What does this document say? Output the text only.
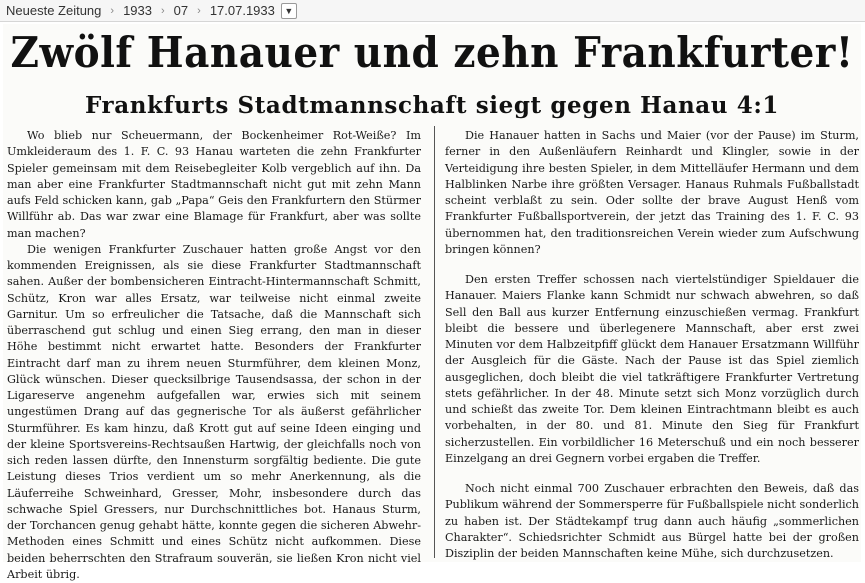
Neueste Zeitung › 1933 › 07 › 17.07.1933 ▼
Zwölf Hanauer und zehn Frankfurter!
Frankfurts Stadtmannschaft siegt gegen Hanau 4:1

Wo blieb nur Scheuermann, der Bockenheimer Rot-Weiße? Im Umkleideraum des 1. F. C. 93 Hanau warteten die zehn Frankfurter Spieler gemeinsam mit dem Reisebegleiter Kolb vergeblich auf ihn. Da man aber eine Frankfurter Stadtmannschaft nicht gut mit zehn Mann aufs Feld schicken kann, gab „Papa“ Geis den Frankfurtern den Stürmer Willführ ab. Das war zwar eine Blamage für Frankfurt, aber was sollte man machen?

Die wenigen Frankfurter Zuschauer hatten große Angst vor den kommenden Ereignissen, als sie diese Frankfurter Stadtmannschaft sahen. Außer der bombensicheren Eintracht-Hintermannschaft Schmitt, Schütz, Kron war alles Ersatz, war teilweise nicht einmal zweite Garnitur. Um so erfreulicher die Tatsache, daß die Mannschaft sich überraschend gut schlug und einen Sieg errang, den man in dieser Höhe bestimmt nicht erwartet hatte. Besonders der Frankfurter Eintracht darf man zu ihrem neuen Sturmführer, dem kleinen Monz, Glück wünschen. Dieser quecksilbrige Tausendsassa, der schon in der Ligareserve angenehm aufgefallen war, erwies sich mit seinem ungestümen Drang auf das gegnerische Tor als äußerst gefährlicher Sturmführer. Es kam hinzu, daß Krott gut auf seine Ideen einging und der kleine Sportsvereins-Rechtsaußen Hartwig, der gleichfalls noch von sich reden lassen dürfte, den Innensturm sorgfältig bediente. Die gute Leistung dieses Trios verdient um so mehr Anerkennung, als die Läuferreihe Schweinhard, Gresser, Mohr, insbesondere durch das schwache Spiel Gressers, nur Durchschnittliches bot. Hanaus Sturm, der Torchancen genug gehabt hätte, konnte gegen die sicheren Abwehr-Methoden eines Schmitt und eines Schütz nicht aufkommen. Diese beiden beherrschten den Strafraum souverän, sie ließen Kron nicht viel Arbeit übrig.

Die Hanauer hatten in Sachs und Maier (vor der Pause) im Sturm, ferner in den Außenläufern Reinhardt und Klingler, sowie in der Verteidigung ihre besten Spieler, in dem Mittelläufer Hermann und dem Halblinken Narbe ihre größten Versager. Hanaus Ruhmals Fußballstadt scheint verblaßt zu sein. Oder sollte der brave August Henß vom Frankfurter Fußballsportverein, der jetzt das Training des 1. F. C. 93 übernommen hat, den traditionsreichen Verein wieder zum Aufschwung bringen können?

Den ersten Treffer schossen nach viertelstündiger Spieldauer die Hanauer. Maiers Flanke kann Schmidt nur schwach abwehren, so daß Sell den Ball aus kurzer Entfernung einzuschießen vermag. Frankfurt bleibt die bessere und überlegenere Mannschaft, aber erst zwei Minuten vor dem Halbzeitpfiff glückt dem Hanauer Ersatzmann Willführ der Ausgleich für die Gäste. Nach der Pause ist das Spiel ziemlich ausgeglichen, doch bleibt die viel tatkräftigere Frankfurter Vertretung stets gefährlicher. In der 48. Minute setzt sich Monz vorzüglich durch und schießt das zweite Tor. Dem kleinen Eintrachtmann bleibt es auch vorbehalten, in der 80. und 81. Minute den Sieg für Frankfurt sicherzustellen. Ein vorbildlicher 16 Meterschuß und ein noch besserer Einzelgang an drei Gegnern vorbei ergaben die Treffer.

Noch nicht einmal 700 Zuschauer erbrachten den Beweis, daß das Publikum während der Sommersperre für Fußballspiele nicht sonderlich zu haben ist. Der Städtekampf trug dann auch häufig „sommerlichen Charakter“. Schiedsrichter Schmidt aus Bürgel hatte bei der großen Disziplin der beiden Mannschaften keine Mühe, sich durchzusetzen.
